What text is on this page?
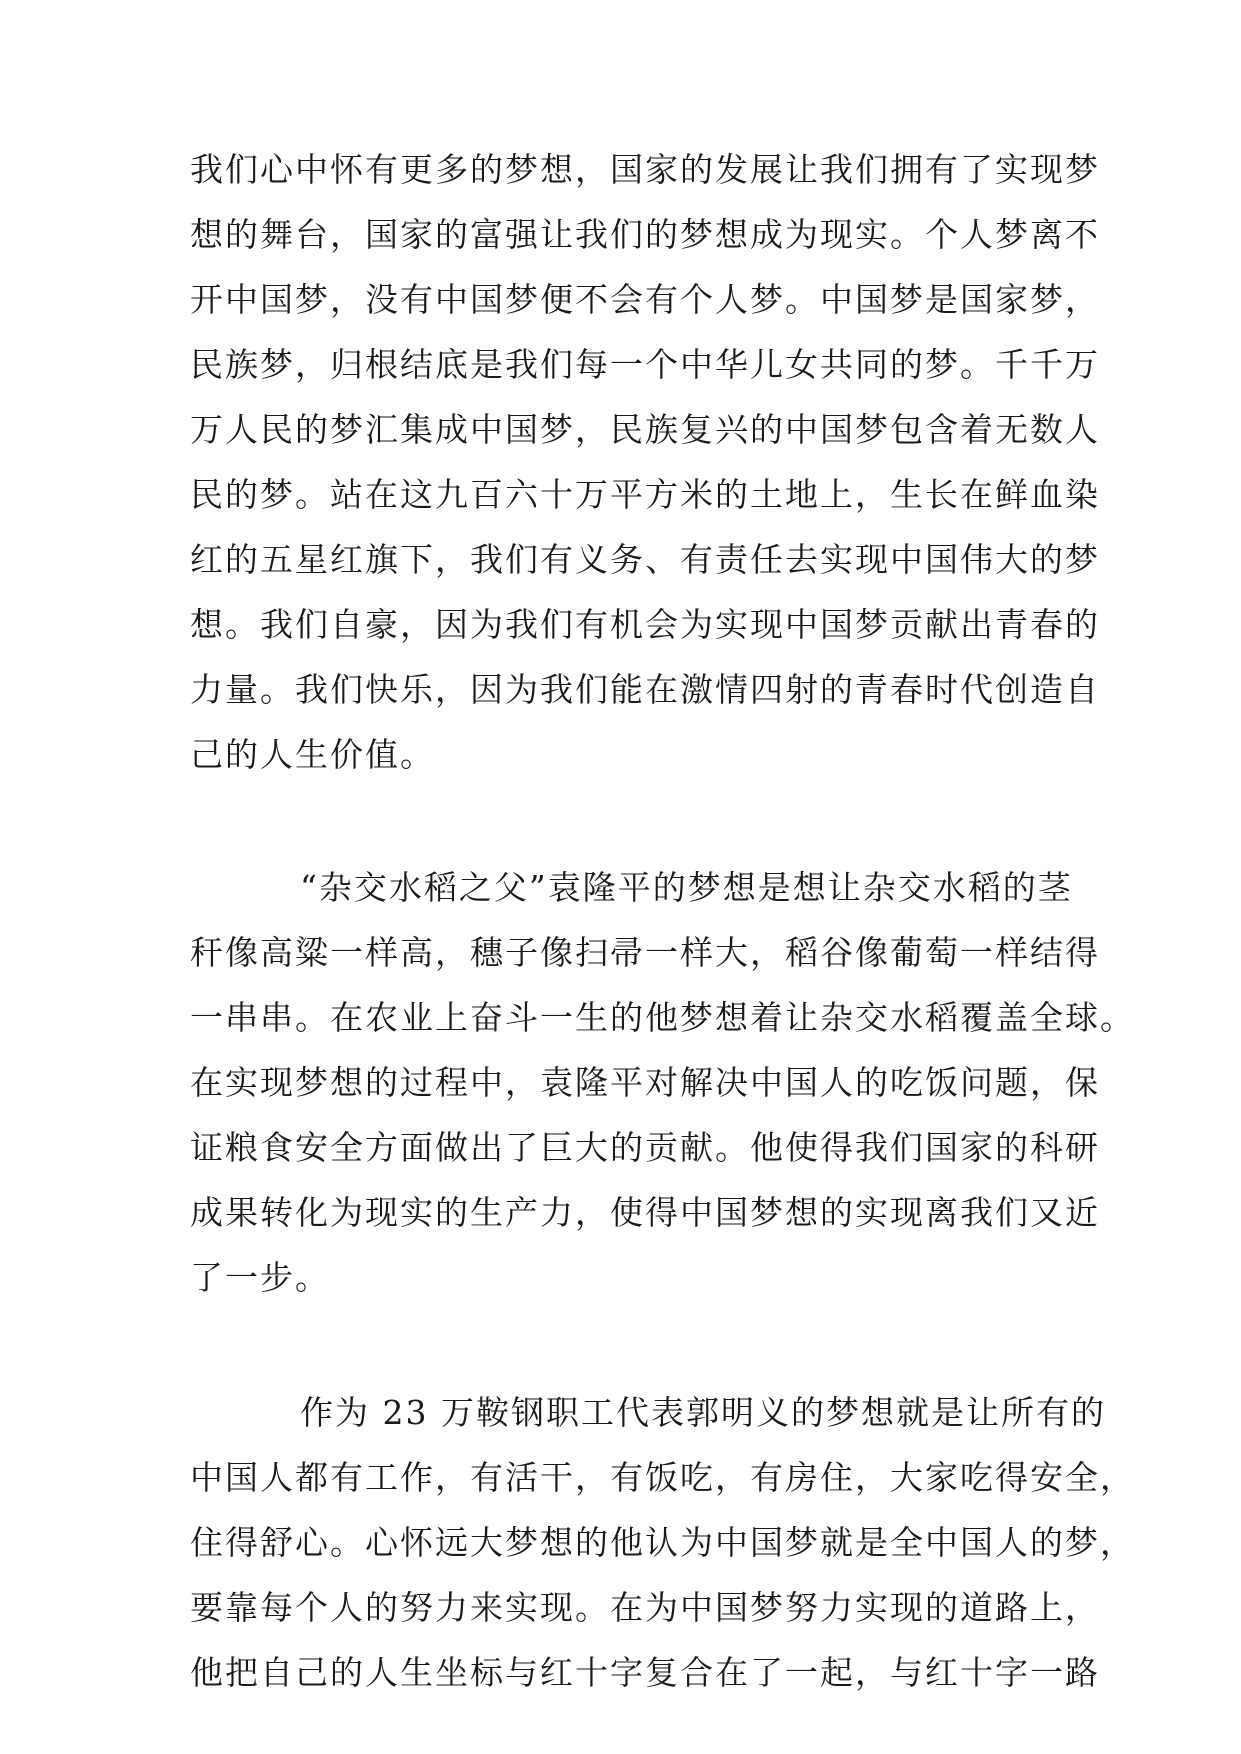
我们心中怀有更多的梦想，国家的发展让我们拥有了实现梦
想的舞台，国家的富强让我们的梦想成为现实。个人梦离不
开中国梦，没有中国梦便不会有个人梦。中国梦是国家梦，
民族梦，归根结底是我们每一个中华儿女共同的梦。千千万
万人民的梦汇集成中国梦，民族复兴的中国梦包含着无数人
民的梦。站在这九百六十万平方米的土地上，生长在鲜血染
红的五星红旗下，我们有义务、有责任去实现中国伟大的梦
想。我们自豪，因为我们有机会为实现中国梦贡献出青春的
力量。我们快乐，因为我们能在激情四射的青春时代创造自
己的人生价值。
“杂交水稻之父”袁隆平的梦想是想让杂交水稻的茎
秆像高粱一样高，穗子像扫帚一样大，稻谷像葡萄一样结得
一串串。在农业上奋斗一生的他梦想着让杂交水稻覆盖全球。
在实现梦想的过程中，袁隆平对解决中国人的吃饭问题，保
证粮食安全方面做出了巨大的贡献。他使得我们国家的科研
成果转化为现实的生产力，使得中国梦想的实现离我们又近
了一步。
作为 23 万鞍钢职工代表郭明义的梦想就是让所有的
中国人都有工作，有活干，有饭吃，有房住，大家吃得安全，
住得舒心。心怀远大梦想的他认为中国梦就是全中国人的梦，
要靠每个人的努力来实现。在为中国梦努力实现的道路上，
他把自己的人生坐标与红十字复合在了一起，与红十字一路
